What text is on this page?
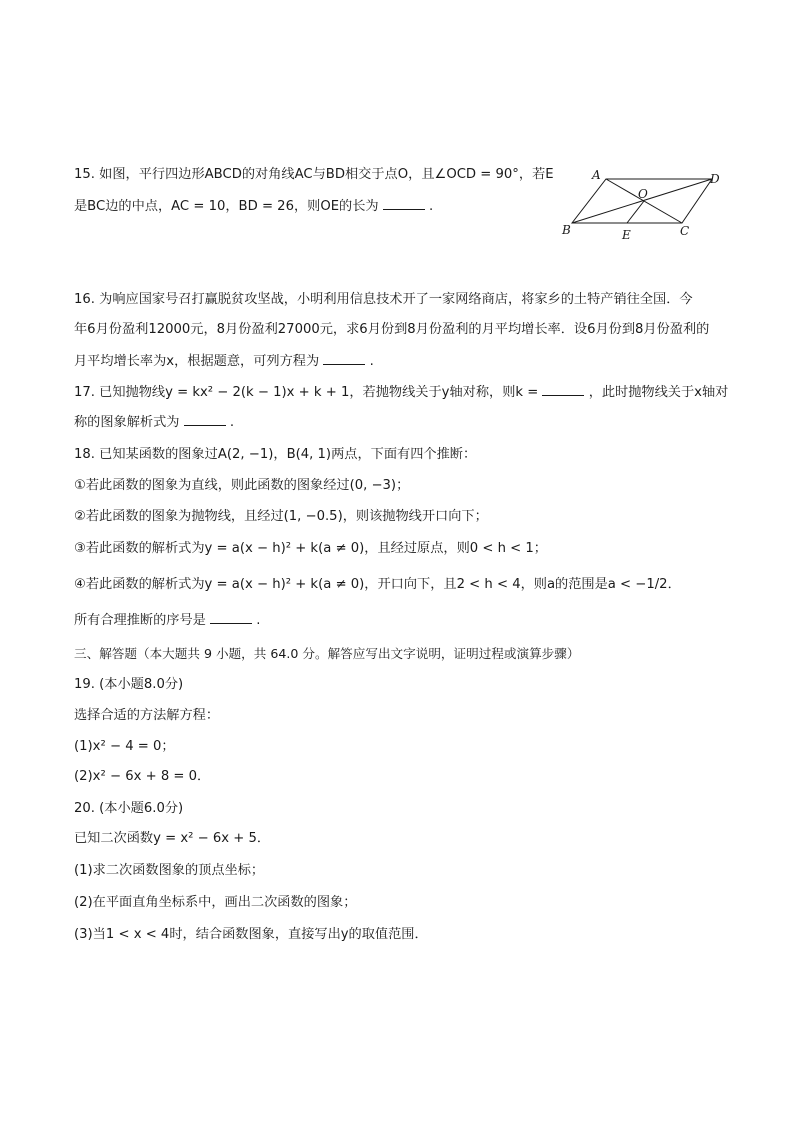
15. 如图，平行四边形ABCD的对角线AC与BD相交于点O，且∠OCD = 90°，若E
是BC边的中点，AC = 10，BD = 26，则OE的长为	.
A	D
O
B	E	C
16. 为响应国家号召打赢脱贫攻坚战，小明利用信息技术开了一家网络商店，将家乡的土特产销往全国．今
年6月份盈利12000元，8月份盈利27000元，求6月份到8月份盈利的月平均增长率．设6月份到8月份盈利的
月平均增长率为x，根据题意，可列方程为	.
17. 已知抛物线y = kx² − 2(k − 1)x + k + 1，若抛物线关于y轴对称，则k =	，此时抛物线关于x轴对
称的图象解析式为	.
18. 已知某函数的图象过A(2, −1)，B(4, 1)两点，下面有四个推断：
①若此函数的图象为直线，则此函数的图象经过(0, −3)；
②若此函数的图象为抛物线，且经过(1, −0.5)，则该抛物线开口向下；
③若此函数的解析式为y = a(x − h)² + k(a ≠ 0)，且经过原点，则0 < h < 1；
④若此函数的解析式为y = a(x − h)² + k(a ≠ 0)，开口向下，且2 < h < 4，则a的范围是a < −1/2．
所有合理推断的序号是	.
三、解答题（本大题共 9 小题，共 64.0 分。解答应写出文字说明，证明过程或演算步骤）
19. (本小题8.0分)
选择合适的方法解方程：
(1)x² − 4 = 0；
(2)x² − 6x + 8 = 0．
20. (本小题6.0分)
已知二次函数y = x² − 6x + 5．
(1)求二次函数图象的顶点坐标；
(2)在平面直角坐标系中，画出二次函数的图象；
(3)当1 < x < 4时，结合函数图象，直接写出y的取值范围．
